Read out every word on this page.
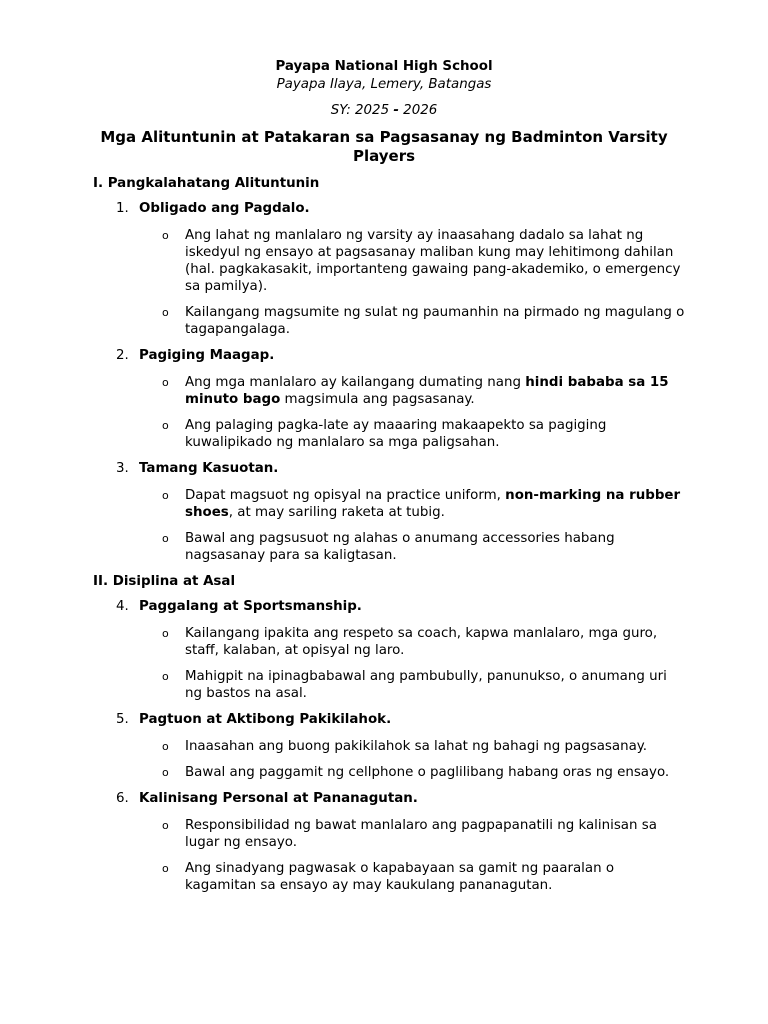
Payapa National High School
Payapa Ilaya, Lemery, Batangas
SY: 2025 - 2026
Mga Alituntunin at Patakaran sa Pagsasanay ng Badminton Varsity Players
I. Pangkalahatang Alituntunin
1. Obligado ang Pagdalo.
o Ang lahat ng manlalaro ng varsity ay inaasahang dadalo sa lahat ng iskedyul ng ensayo at pagsasanay maliban kung may lehitimong dahilan (hal. pagkakasakit, importanteng gawaing pang-akademiko, o emergency sa pamilya).
o Kailangang magsumite ng sulat ng paumanhin na pirmado ng magulang o tagapangalaga.
2. Pagiging Maagap.
o Ang mga manlalaro ay kailangang dumating nang hindi bababa sa 15 minuto bago magsimula ang pagsasanay.
o Ang palaging pagka-late ay maaaring makaapekto sa pagiging kuwalipikado ng manlalaro sa mga paligsahan.
3. Tamang Kasuotan.
o Dapat magsuot ng opisyal na practice uniform, non-marking na rubber shoes, at may sariling raketa at tubig.
o Bawal ang pagsusuot ng alahas o anumang accessories habang nagsasanay para sa kaligtasan.
II. Disiplina at Asal
4. Paggalang at Sportsmanship.
o Kailangang ipakita ang respeto sa coach, kapwa manlalaro, mga guro, staff, kalaban, at opisyal ng laro.
o Mahigpit na ipinagbabawal ang pambubully, panunukso, o anumang uri ng bastos na asal.
5. Pagtuon at Aktibong Pakikilahok.
o Inaasahan ang buong pakikilahok sa lahat ng bahagi ng pagsasanay.
o Bawal ang paggamit ng cellphone o paglilibang habang oras ng ensayo.
6. Kalinisang Personal at Pananagutan.
o Responsibilidad ng bawat manlalaro ang pagpapanatili ng kalinisan sa lugar ng ensayo.
o Ang sinadyang pagwasak o kapabayaan sa gamit ng paaralan o kagamitan sa ensayo ay may kaukulang pananagutan.
